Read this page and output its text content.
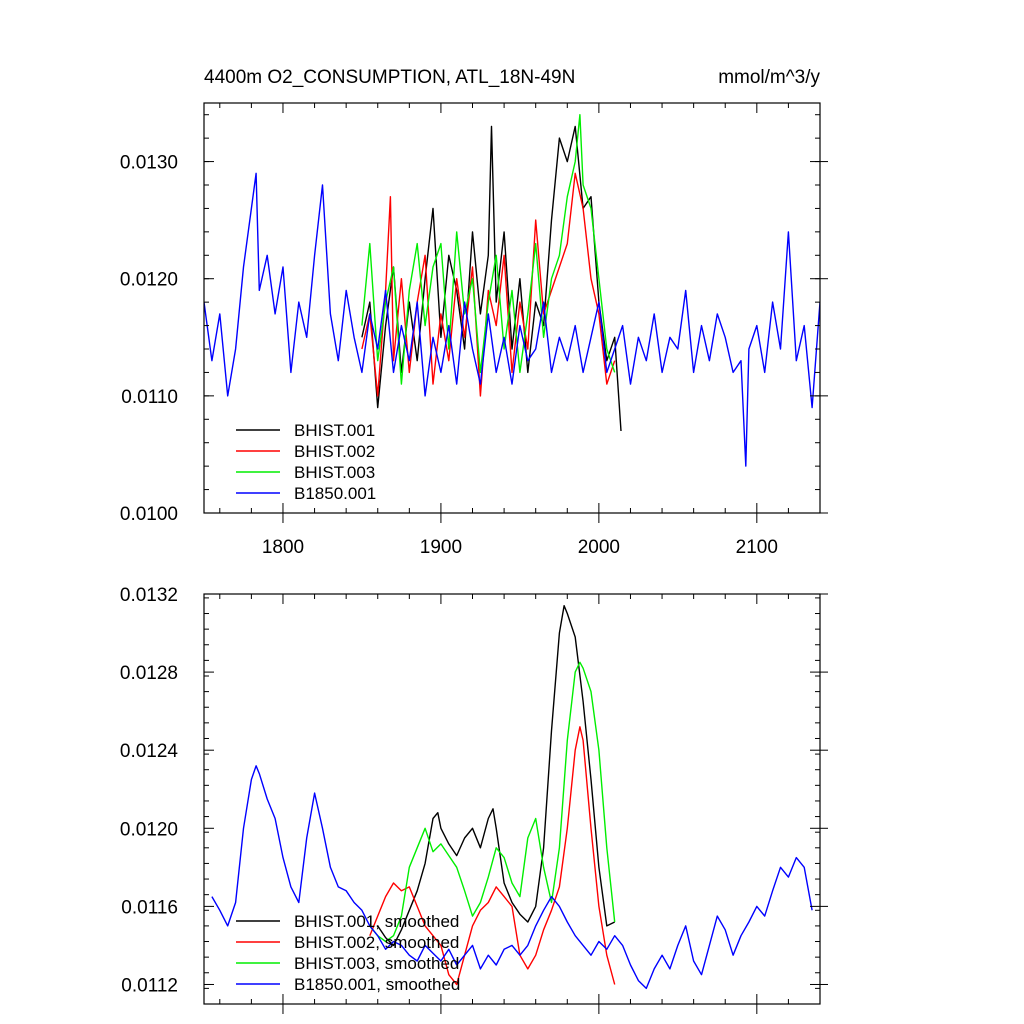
4400m O2_CONSUMPTION, ATL_18N-49N	mmol/m^3/y
1800	1900	2000	2100
0.0100
0.0110
0.0120
0.0130
BHIST.001
BHIST.002
BHIST.003
B1850.001
0.0112
0.0116
0.0120
0.0124
0.0128
0.0132
BHIST.001, smoothed
BHIST.002, smoothed
BHIST.003, smoothed
B1850.001, smoothed
